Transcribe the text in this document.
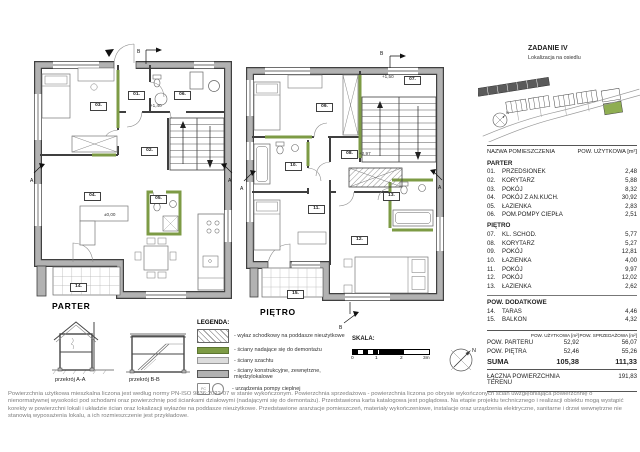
B
A	A
B
B
A	A
01.
02.
03.
04.
05.
06.
14.
07.
08.
09.
10.
11.
12.
13.
15.
±0,00
+1,40
+1,50
+2,97
PARTER
PIĘTRO
ZADANIE IV
Lokalizacja na osiedlu
N
NAZWA POMIESZCZENIA	POW. UŻYTKOWA [m²]
PARTER
01.	PRZEDSIONEK	2,48
02.	KORYTARZ	5,88
03.	POKÓJ	8,32
04.	POKÓJ Z AN.KUCH.	30,92
05.	ŁAZIENKA	2,83
06.	POM.POMPY CIEPŁA	2,51
PIĘTRO
07.	KL. SCHOD.	5,77
08.	KORYTARZ	5,27
09.	POKÓJ	12,81
10.	ŁAZIENKA	4,00
11.	POKÓJ	9,97
12.	POKÓJ	12,02
13.	ŁAZIENKA	2,62
POW. DODATKOWE
14.	TARAS	4,46
15.	BALKON	4,32
POW. UŻYTKOWA [m²] POW. SPRZEDAŻOWA [m²]
POW. PARTERU	52,92	56,07
POW. PIĘTRA	52,46	55,26
SUMA	105,38	111,33
ŁĄCZNA POWIERZCHNIA TERENU
191,83
przekrój A-A	przekrój B-B
LEGENDA:
- wyłaz schodkowy na poddasze nieużytkowe
- ściany nadające się do demontażu
- ściany szachtu
- ściany konstrukcyjne, zewnętrzne, międzylokalowe
PC	- urządzenia pompy cieplnej
SKALA:
0	1	2	3m
N
Powierzchnia użytkowa mieszkalna liczona jest według normy PN-ISO 9836:2022-07 w stanie wykończonym. Powierzchnia sprzedażowa - powierzchnia liczona po obrysie wykończonych ścian uwzględniająca powierzchnię o nienormatywnej wysokości pod schodami oraz powierzchnię pod ściankami działowymi (nadającymi się do demontażu). Przedstawiona karta katalogowa jest poglądowa. Na etapie projektu technicznego i realizacji obiektu mogą wystąpić korekty w powierzchni lokali i układzie ścian oraz lokalizacji wyłazów na poddasze nieużytkowe. Przedstawione aranżacje pomieszczeń, materiały wykończeniowe, instalacje oraz urządzenia elektryczne, sanitarne i drzwi wewnętrzne nie stanowią wyposażenia lokalu, a ich rozmieszczenie jest przykładowe.
